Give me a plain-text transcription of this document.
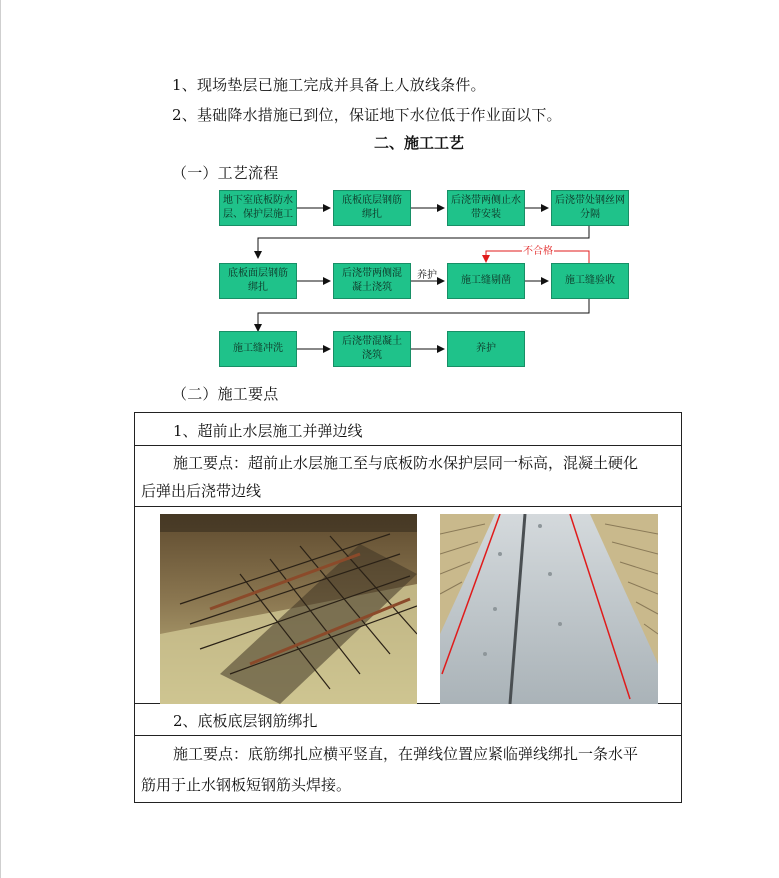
1、现场垫层已施工完成并具备上人放线条件。
2、基础降水措施已到位，保证地下水位低于作业面以下。
二、施工工艺
（一）工艺流程
地下室底板防水
层、保护层施工
底板底层钢筋
绑扎
后浇带两侧止水
带安装
后浇带处钢丝网
分隔
底板面层钢筋
绑扎
后浇带两侧混
凝土浇筑
施工缝剔凿	施工缝验收
施工缝冲洗
后浇带混凝土
浇筑
养护
养护
不合格
（二）施工要点
1、超前止水层施工并弹边线
施工要点：超前止水层施工至与底板防水保护层同一标高，混凝土硬化
后弹出后浇带边线
2、底板底层钢筋绑扎
施工要点：底筋绑扎应横平竖直，在弹线位置应紧临弹线绑扎一条水平
筋用于止水钢板短钢筋头焊接。
